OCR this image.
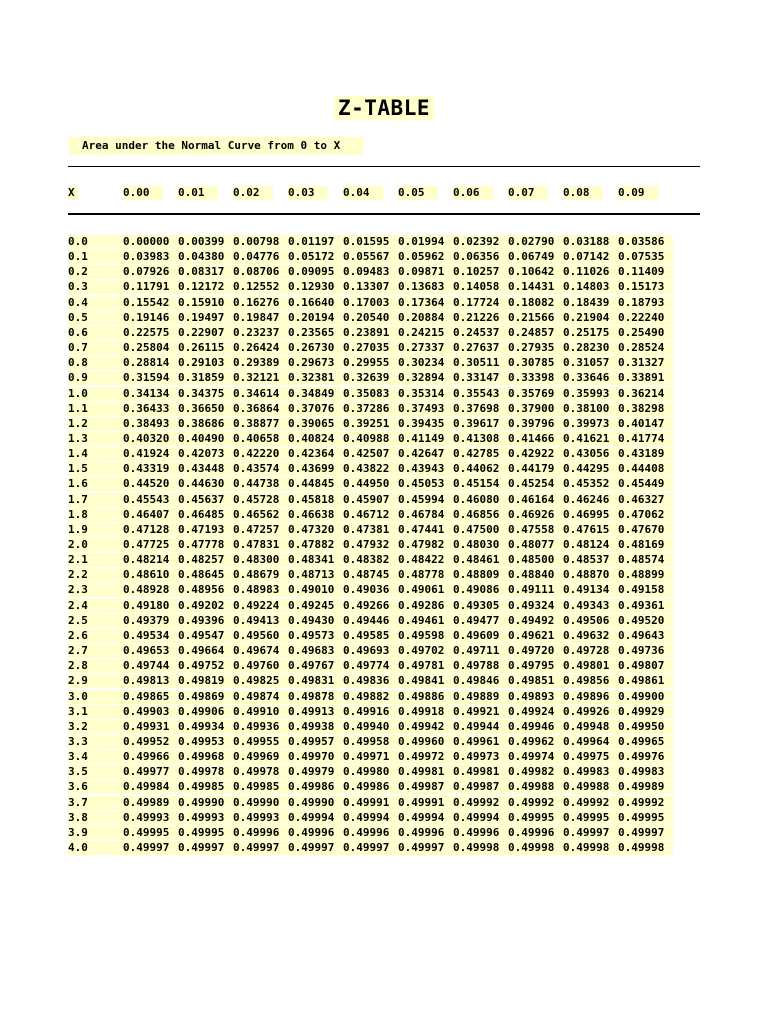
Z-TABLE
Area under the Normal Curve from 0 to X
X	0.00	0.01	0.02	0.03	0.04	0.05	0.06	0.07	0.08	0.09
0.0	0.00000 0.00399 0.00798 0.01197 0.01595 0.01994 0.02392 0.02790 0.03188 0.03586
0.1	0.03983 0.04380 0.04776 0.05172 0.05567 0.05962 0.06356 0.06749 0.07142 0.07535
0.2	0.07926 0.08317 0.08706 0.09095 0.09483 0.09871 0.10257 0.10642 0.11026 0.11409
0.3	0.11791 0.12172 0.12552 0.12930 0.13307 0.13683 0.14058 0.14431 0.14803 0.15173
0.4	0.15542 0.15910 0.16276 0.16640 0.17003 0.17364 0.17724 0.18082 0.18439 0.18793
0.5	0.19146 0.19497 0.19847 0.20194 0.20540 0.20884 0.21226 0.21566 0.21904 0.22240
0.6	0.22575 0.22907 0.23237 0.23565 0.23891 0.24215 0.24537 0.24857 0.25175 0.25490
0.7	0.25804 0.26115 0.26424 0.26730 0.27035 0.27337 0.27637 0.27935 0.28230 0.28524
0.8	0.28814 0.29103 0.29389 0.29673 0.29955 0.30234 0.30511 0.30785 0.31057 0.31327
0.9	0.31594 0.31859 0.32121 0.32381 0.32639 0.32894 0.33147 0.33398 0.33646 0.33891
1.0	0.34134 0.34375 0.34614 0.34849 0.35083 0.35314 0.35543 0.35769 0.35993 0.36214
1.1	0.36433 0.36650 0.36864 0.37076 0.37286 0.37493 0.37698 0.37900 0.38100 0.38298
1.2	0.38493 0.38686 0.38877 0.39065 0.39251 0.39435 0.39617 0.39796 0.39973 0.40147
1.3	0.40320 0.40490 0.40658 0.40824 0.40988 0.41149 0.41308 0.41466 0.41621 0.41774
1.4	0.41924 0.42073 0.42220 0.42364 0.42507 0.42647 0.42785 0.42922 0.43056 0.43189
1.5	0.43319 0.43448 0.43574 0.43699 0.43822 0.43943 0.44062 0.44179 0.44295 0.44408
1.6	0.44520 0.44630 0.44738 0.44845 0.44950 0.45053 0.45154 0.45254 0.45352 0.45449
1.7	0.45543 0.45637 0.45728 0.45818 0.45907 0.45994 0.46080 0.46164 0.46246 0.46327
1.8	0.46407 0.46485 0.46562 0.46638 0.46712 0.46784 0.46856 0.46926 0.46995 0.47062
1.9	0.47128 0.47193 0.47257 0.47320 0.47381 0.47441 0.47500 0.47558 0.47615 0.47670
2.0	0.47725 0.47778 0.47831 0.47882 0.47932 0.47982 0.48030 0.48077 0.48124 0.48169
2.1	0.48214 0.48257 0.48300 0.48341 0.48382 0.48422 0.48461 0.48500 0.48537 0.48574
2.2	0.48610 0.48645 0.48679 0.48713 0.48745 0.48778 0.48809 0.48840 0.48870 0.48899
2.3	0.48928 0.48956 0.48983 0.49010 0.49036 0.49061 0.49086 0.49111 0.49134 0.49158
2.4	0.49180 0.49202 0.49224 0.49245 0.49266 0.49286 0.49305 0.49324 0.49343 0.49361
2.5	0.49379 0.49396 0.49413 0.49430 0.49446 0.49461 0.49477 0.49492 0.49506 0.49520
2.6	0.49534 0.49547 0.49560 0.49573 0.49585 0.49598 0.49609 0.49621 0.49632 0.49643
2.7	0.49653 0.49664 0.49674 0.49683 0.49693 0.49702 0.49711 0.49720 0.49728 0.49736
2.8	0.49744 0.49752 0.49760 0.49767 0.49774 0.49781 0.49788 0.49795 0.49801 0.49807
2.9	0.49813 0.49819 0.49825 0.49831 0.49836 0.49841 0.49846 0.49851 0.49856 0.49861
3.0	0.49865 0.49869 0.49874 0.49878 0.49882 0.49886 0.49889 0.49893 0.49896 0.49900
3.1	0.49903 0.49906 0.49910 0.49913 0.49916 0.49918 0.49921 0.49924 0.49926 0.49929
3.2	0.49931 0.49934 0.49936 0.49938 0.49940 0.49942 0.49944 0.49946 0.49948 0.49950
3.3	0.49952 0.49953 0.49955 0.49957 0.49958 0.49960 0.49961 0.49962 0.49964 0.49965
3.4	0.49966 0.49968 0.49969 0.49970 0.49971 0.49972 0.49973 0.49974 0.49975 0.49976
3.5	0.49977 0.49978 0.49978 0.49979 0.49980 0.49981 0.49981 0.49982 0.49983 0.49983
3.6	0.49984 0.49985 0.49985 0.49986 0.49986 0.49987 0.49987 0.49988 0.49988 0.49989
3.7	0.49989 0.49990 0.49990 0.49990 0.49991 0.49991 0.49992 0.49992 0.49992 0.49992
3.8	0.49993 0.49993 0.49993 0.49994 0.49994 0.49994 0.49994 0.49995 0.49995 0.49995
3.9	0.49995 0.49995 0.49996 0.49996 0.49996 0.49996 0.49996 0.49996 0.49997 0.49997
4.0	0.49997 0.49997 0.49997 0.49997 0.49997 0.49997 0.49998 0.49998 0.49998 0.49998
